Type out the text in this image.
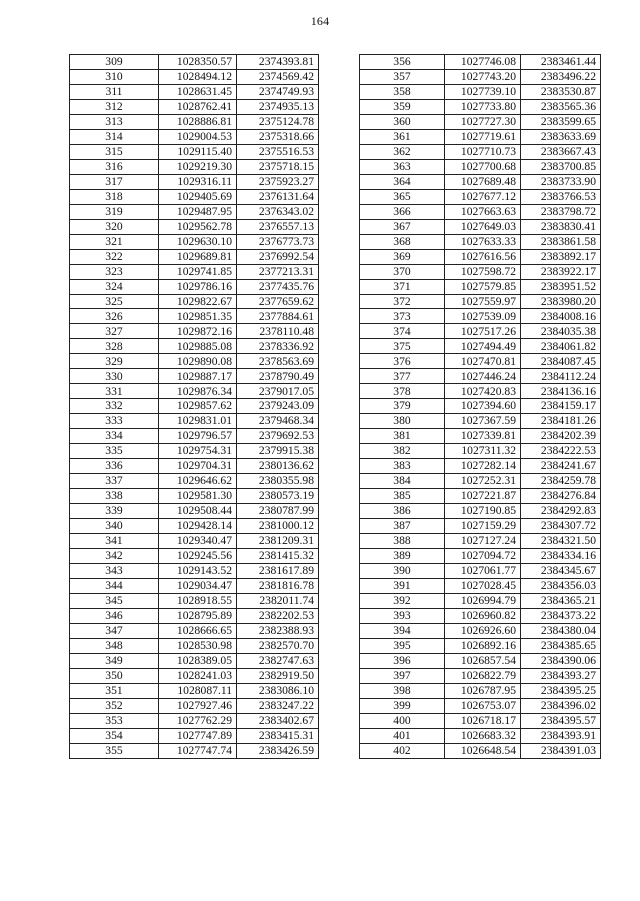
164
309	1028350.57	2374393.81
310	1028494.12	2374569.42
311	1028631.45	2374749.93
312	1028762.41	2374935.13
313	1028886.81	2375124.78
314	1029004.53	2375318.66
315	1029115.40	2375516.53
316	1029219.30	2375718.15
317	1029316.11	2375923.27
318	1029405.69	2376131.64
319	1029487.95	2376343.02
320	1029562.78	2376557.13
321	1029630.10	2376773.73
322	1029689.81	2376992.54
323	1029741.85	2377213.31
324	1029786.16	2377435.76
325	1029822.67	2377659.62
326	1029851.35	2377884.61
327	1029872.16	2378110.48
328	1029885.08	2378336.92
329	1029890.08	2378563.69
330	1029887.17	2378790.49
331	1029876.34	2379017.05
332	1029857.62	2379243.09
333	1029831.01	2379468.34
334	1029796.57	2379692.53
335	1029754.31	2379915.38
336	1029704.31	2380136.62
337	1029646.62	2380355.98
338	1029581.30	2380573.19
339	1029508.44	2380787.99
340	1029428.14	2381000.12
341	1029340.47	2381209.31
342	1029245.56	2381415.32
343	1029143.52	2381617.89
344	1029034.47	2381816.78
345	1028918.55	2382011.74
346	1028795.89	2382202.53
347	1028666.65	2382388.93
348	1028530.98	2382570.70
349	1028389.05	2382747.63
350	1028241.03	2382919.50
351	1028087.11	2383086.10
352	1027927.46	2383247.22
353	1027762.29	2383402.67
354	1027747.89	2383415.31
355	1027747.74	2383426.59
356	1027746.08	2383461.44
357	1027743.20	2383496.22
358	1027739.10	2383530.87
359	1027733.80	2383565.36
360	1027727.30	2383599.65
361	1027719.61	2383633.69
362	1027710.73	2383667.43
363	1027700.68	2383700.85
364	1027689.48	2383733.90
365	1027677.12	2383766.53
366	1027663.63	2383798.72
367	1027649.03	2383830.41
368	1027633.33	2383861.58
369	1027616.56	2383892.17
370	1027598.72	2383922.17
371	1027579.85	2383951.52
372	1027559.97	2383980.20
373	1027539.09	2384008.16
374	1027517.26	2384035.38
375	1027494.49	2384061.82
376	1027470.81	2384087.45
377	1027446.24	2384112.24
378	1027420.83	2384136.16
379	1027394.60	2384159.17
380	1027367.59	2384181.26
381	1027339.81	2384202.39
382	1027311.32	2384222.53
383	1027282.14	2384241.67
384	1027252.31	2384259.78
385	1027221.87	2384276.84
386	1027190.85	2384292.83
387	1027159.29	2384307.72
388	1027127.24	2384321.50
389	1027094.72	2384334.16
390	1027061.77	2384345.67
391	1027028.45	2384356.03
392	1026994.79	2384365.21
393	1026960.82	2384373.22
394	1026926.60	2384380.04
395	1026892.16	2384385.65
396	1026857.54	2384390.06
397	1026822.79	2384393.27
398	1026787.95	2384395.25
399	1026753.07	2384396.02
400	1026718.17	2384395.57
401	1026683.32	2384393.91
402	1026648.54	2384391.03
